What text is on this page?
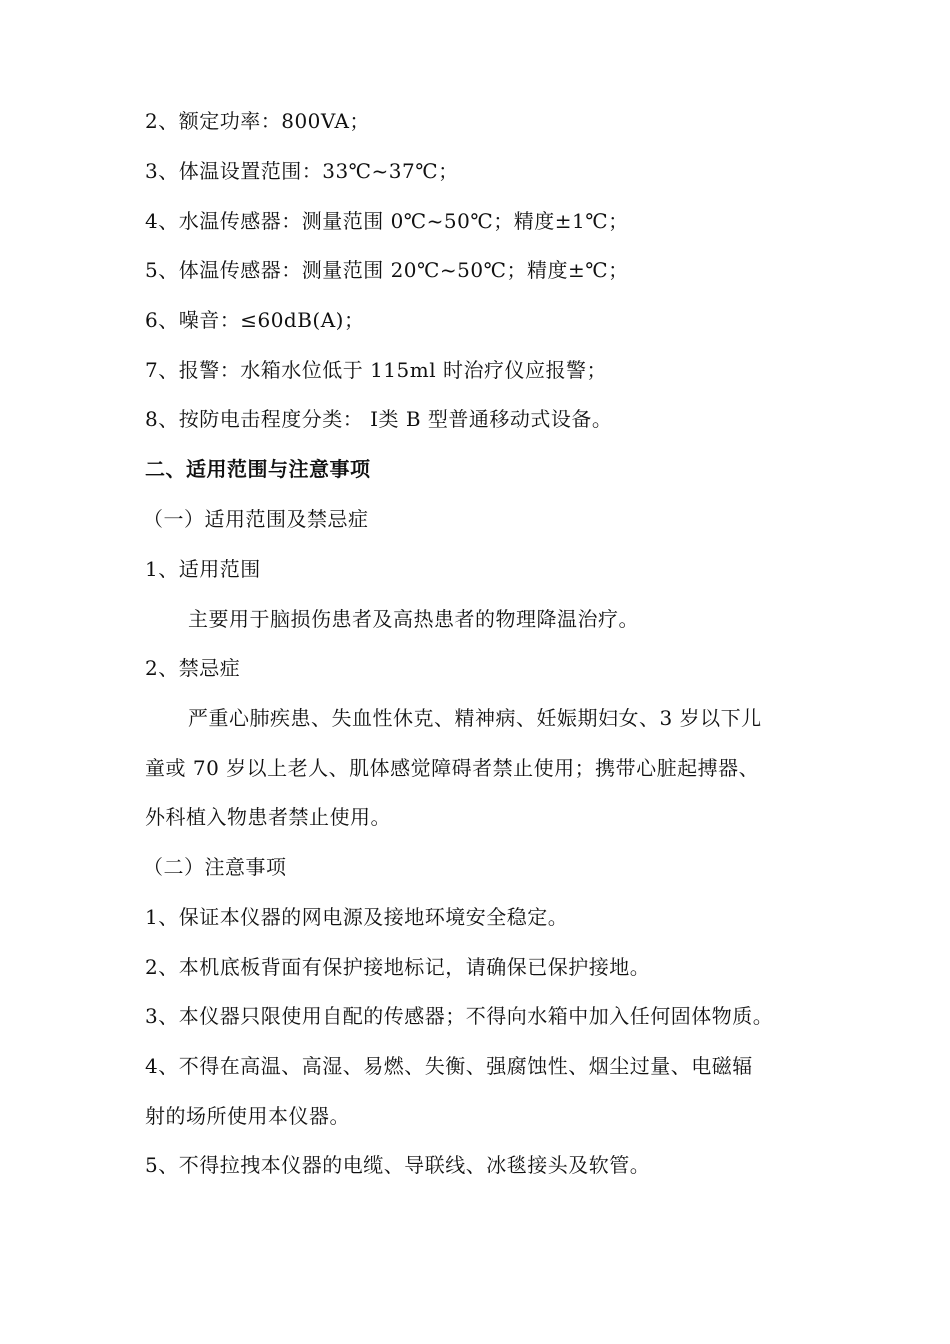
2、额定功率：800VA；
3、体温设置范围：33℃~37℃；
4、水温传感器：测量范围 0℃~50℃；精度±1℃；
5、体温传感器：测量范围 20℃~50℃；精度±℃；
6、噪音：≤60dB(A)；
7、报警：水箱水位低于 115ml 时治疗仪应报警；
8、按防电击程度分类： Ⅰ类 B 型普通移动式设备。
二、适用范围与注意事项
（一）适用范围及禁忌症
1、适用范围
主要用于脑损伤患者及高热患者的物理降温治疗。
2、禁忌症
严重心肺疾患、失血性休克、精神病、妊娠期妇女、3 岁以下儿
童或 70 岁以上老人、肌体感觉障碍者禁止使用；携带心脏起搏器、
外科植入物患者禁止使用。
（二）注意事项
1、保证本仪器的网电源及接地环境安全稳定。
2、本机底板背面有保护接地标记，请确保已保护接地。
3、本仪器只限使用自配的传感器；不得向水箱中加入任何固体物质。
4、不得在高温、高湿、易燃、失衡、强腐蚀性、烟尘过量、电磁辐
射的场所使用本仪器。
5、不得拉拽本仪器的电缆、导联线、冰毯接头及软管。
